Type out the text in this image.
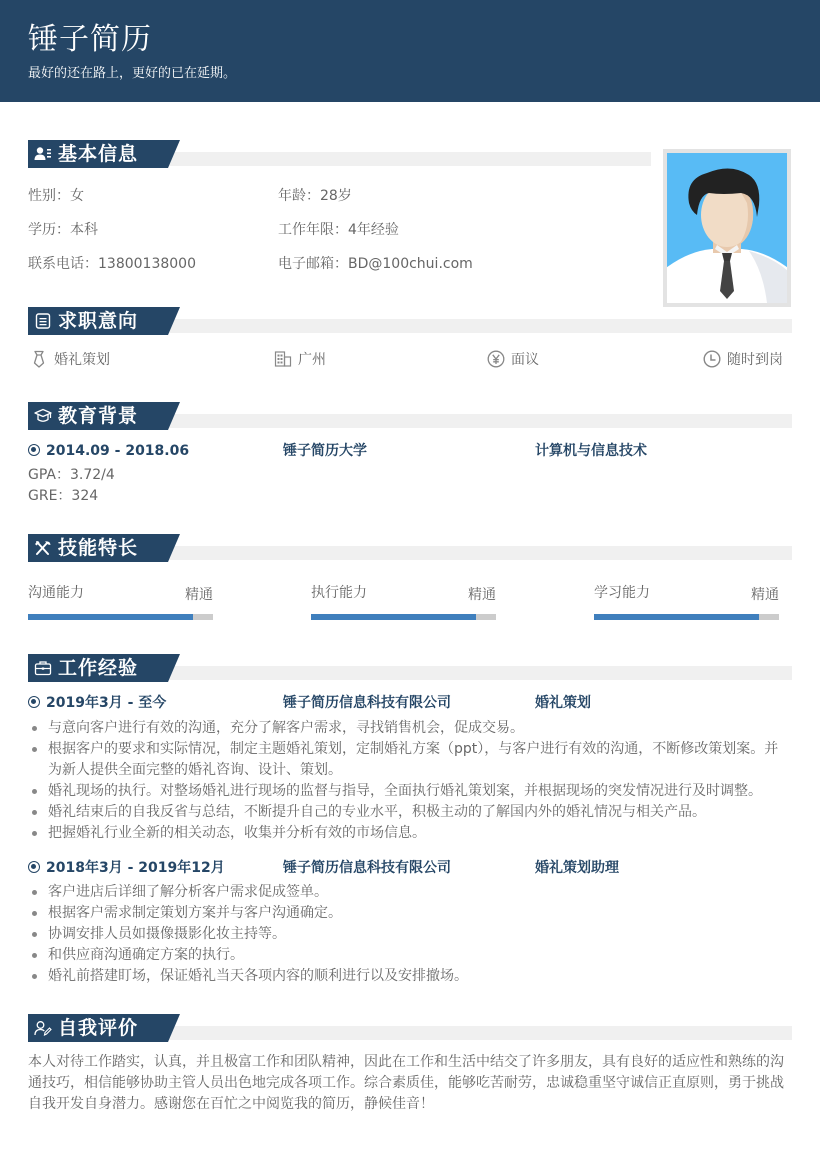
锤子简历
最好的还在路上，更好的已在延期。
基本信息
性别：女	年龄：28岁
学历：本科	工作年限：4年经验
联系电话：13800138000	电子邮箱：BD@100chui.com
求职意向
婚礼策划	广州	面议	随时到岗
教育背景
2014.09 - 2018.06	锤子简历大学	计算机与信息技术
GPA：3.72/4
GRE：324
技能特长
沟通能力	精通	执行能力	精通	学习能力	精通
工作经验
2019年3月 - 至今	锤子简历信息科技有限公司	婚礼策划
与意向客户进行有效的沟通，充分了解客户需求，寻找销售机会，促成交易。
根据客户的要求和实际情况，制定主题婚礼策划，定制婚礼方案（ppt），与客户进行有效的沟通，不断修改策划案。并为新人提供全面完整的婚礼咨询、设计、策划。
婚礼现场的执行。对整场婚礼进行现场的监督与指导，全面执行婚礼策划案，并根据现场的突发情况进行及时调整。
婚礼结束后的自我反省与总结，不断提升自己的专业水平，积极主动的了解国内外的婚礼情况与相关产品。
把握婚礼行业全新的相关动态，收集并分析有效的市场信息。
2018年3月 - 2019年12月	锤子简历信息科技有限公司	婚礼策划助理
客户进店后详细了解分析客户需求促成签单。
根据客户需求制定策划方案并与客户沟通确定。
协调安排人员如摄像摄影化妆主持等。
和供应商沟通确定方案的执行。
婚礼前搭建盯场，保证婚礼当天各项内容的顺利进行以及安排撤场。
自我评价
本人对待工作踏实，认真，并且极富工作和团队精神，因此在工作和生活中结交了许多朋友，具有良好的适应性和熟练的沟通技巧，相信能够协助主管人员出色地完成各项工作。综合素质佳，能够吃苦耐劳，忠诚稳重坚守诚信正直原则，勇于挑战自我开发自身潜力。感谢您在百忙之中阅览我的简历，静候佳音！
